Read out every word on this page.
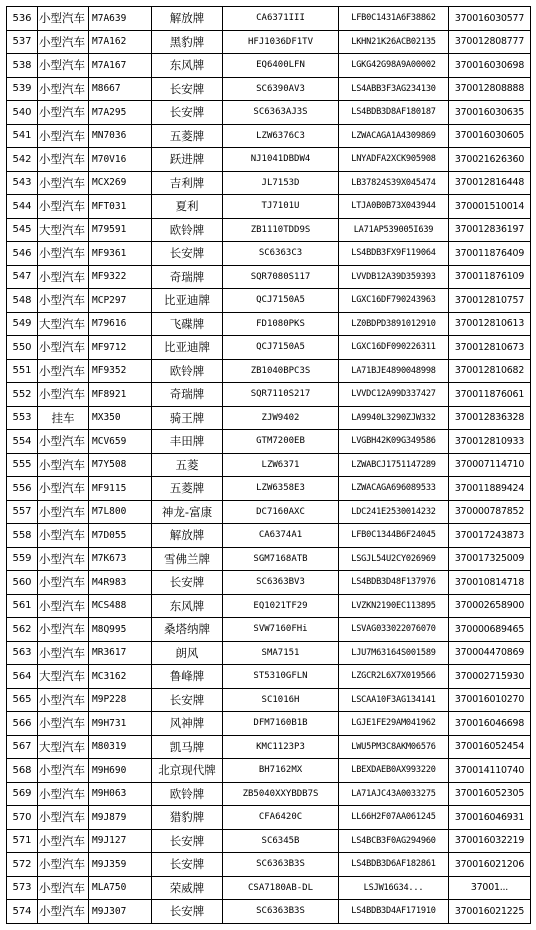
536	小型汽车	M7A639	解放牌	CA6371III	LFB0C1431A6F38862	370016030577
537	小型汽车	M7A162	黑豹牌	HFJ1036DF1TV	LKHN21K26ACB02135	370012808777
538	小型汽车	M7A167	东风牌	EQ6400LFN	LGKG42G98A9A00002	370016030698
539	小型汽车	M8667	长安牌	SC6390AV3	LS4ABB3F3AG234130	370012808888
540	小型汽车	M7A295	长安牌	SC6363AJ3S	LS4BDB3D8AF180187	370016030635
541	小型汽车	MN7036	五菱牌	LZW6376C3	LZWACAGA1A4309869	370016030605
542	小型汽车	M70V16	跃进牌	NJ1041DBDW4	LNYADFA2XCK905908	370021626360
543	小型汽车	MCX269	吉利牌	JL7153D	LB37824S39X045474	370012816448
544	小型汽车	MFT031	夏利	TJ7101U	LTJA0B0B73X043944	370001510014
545	大型汽车	M79591	欧铃牌	ZB1110TDD9S	LA71AP539005I639	370012836197
546	小型汽车	MF9361	长安牌	SC6363C3	LS4BDB3FX9F119064	370011876409
547	小型汽车	MF9322	奇瑞牌	SQR7080S117	LVVDB12A39D359393	370011876109
548	小型汽车	MCP297	比亚迪牌	QCJ7150A5	LGXC16DF790243963	370012810757
549	大型汽车	M79616	飞碟牌	FD1080PKS	LZ0BDPD3891012910	370012810613
550	小型汽车	MF9712	比亚迪牌	QCJ7150A5	LGXC16DF090226311	370012810673
551	小型汽车	MF9352	欧铃牌	ZB1040BPC3S	LA71BJE4890048998	370012810682
552	小型汽车	MF8921	奇瑞牌	SQR7110S217	LVVDC12A99D337427	370011876061
553	挂车	MX350	骑王牌	ZJW9402	LA9940L3290ZJW332	370012836328
554	小型汽车	MCV659	丰田牌	GTM7200EB	LVGBH42K09G349586	370012810933
555	小型汽车	M7Y508	五菱	LZW6371	LZWABCJ1751147289	370007114710
556	小型汽车	MF9115	五菱牌	LZW6358E3	LZWACAGA696089533	370011889424
557	小型汽车	M7L800	神龙-富康	DC7160AXC	LDC241E2530014232	370000787852
558	小型汽车	M7D055	解放牌	CA6374A1	LFB0C1344B6F24045	370017243873
559	小型汽车	M7K673	雪佛兰牌	SGM7168ATB	LSGJL54U2CY026969	370017325009
560	小型汽车	M4R983	长安牌	SC6363BV3	LS4BDB3D48F137976	370010814718
561	小型汽车	MCS488	东风牌	EQ1021TF29	LVZKN2190EC113895	370002658900
562	小型汽车	M8Q995	桑塔纳牌	SVW7160FHi	LSVAG033022076070	370000689465
563	小型汽车	MR3617	朗风	SMA7151	LJU7M63164S001589	370004470869
564	大型汽车	MC3162	鲁峰牌	ST5310GFLN	LZGCR2L6X7X019566	370002715930
565	小型汽车	M9P228	长安牌	SC1016H	LSCAA10F3AG134141	370016010270
566	小型汽车	M9H731	风神牌	DFM7160B1B	LGJE1FE29AM041962	370016046698
567	大型汽车	M80319	凯马牌	KMC1123P3	LWU5PM3C8AKM06576	370016052454
568	小型汽车	M9H690	北京现代牌	BH7162MX	LBEXDAEB0AX993220	370014110740
569	小型汽车	M9H063	欧铃牌	ZB5040XXYBDB7S	LA71AJC43A0033275	370016052305
570	小型汽车	M9J879	猎豹牌	CFA6420C	LL66H2F07AA061245	370016046931
571	小型汽车	M9J127	长安牌	SC6345B	LS4BCB3F0AG294960	370016032219
572	小型汽车	M9J359	长安牌	SC6363B3S	LS4BDB3D6AF182861	370016021206
573	小型汽车	MLA750	荣威牌	CSA7180AB-DL	LSJW16G34...	37001...
574	小型汽车	M9J307	长安牌	SC6363B3S	LS4BDB3D4AF171910	370016021225
